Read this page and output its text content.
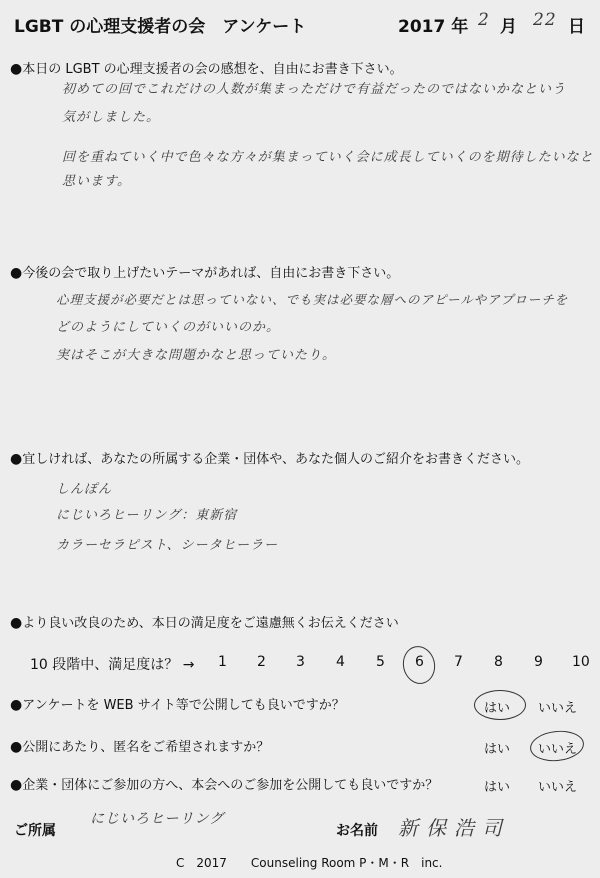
LGBT の心理支援者の会　アンケート	2017 年 2 月 22 日
●本日の LGBT の心理支援者の会の感想を、自由にお書き下さい。
初めての回でこれだけの人数が集まっただけで有益だったのではないかなという
気がしました。
回を重ねていく中で色々な方々が集まっていく会に成長していくのを期待したいなと
思います。
●今後の会で取り上げたいテーマがあれば、自由にお書き下さい。
心理支援が必要だとは思っていない、でも実は必要な層へのアピールやアプローチを
どのようにしていくのがいいのか。
実はそこが大きな問題かなと思っていたり。
●宜しければ、あなたの所属する企業・団体や、あなた個人のご紹介をお書きください。
しんぽん
にじいろヒーリング：東新宿
カラーセラピスト、シータヒーラー
●より良い改良のため、本日の満足度をご遠慮無くお伝えください
10 段階中、満足度は？ → 1 2 3 4 5 6 7 8 9 10
●アンケートを WEB サイト等で公開しても良いですか？	はい いいえ
●公開にあたり、匿名をご希望されますか？	はい いいえ
●企業・団体にご参加の方へ、本会へのご参加を公開しても良いですか？	はい いいえ
ご所属
にじいろヒーリング
お名前 新保浩司
C　2017　　Counseling Room P・M・R　inc.
